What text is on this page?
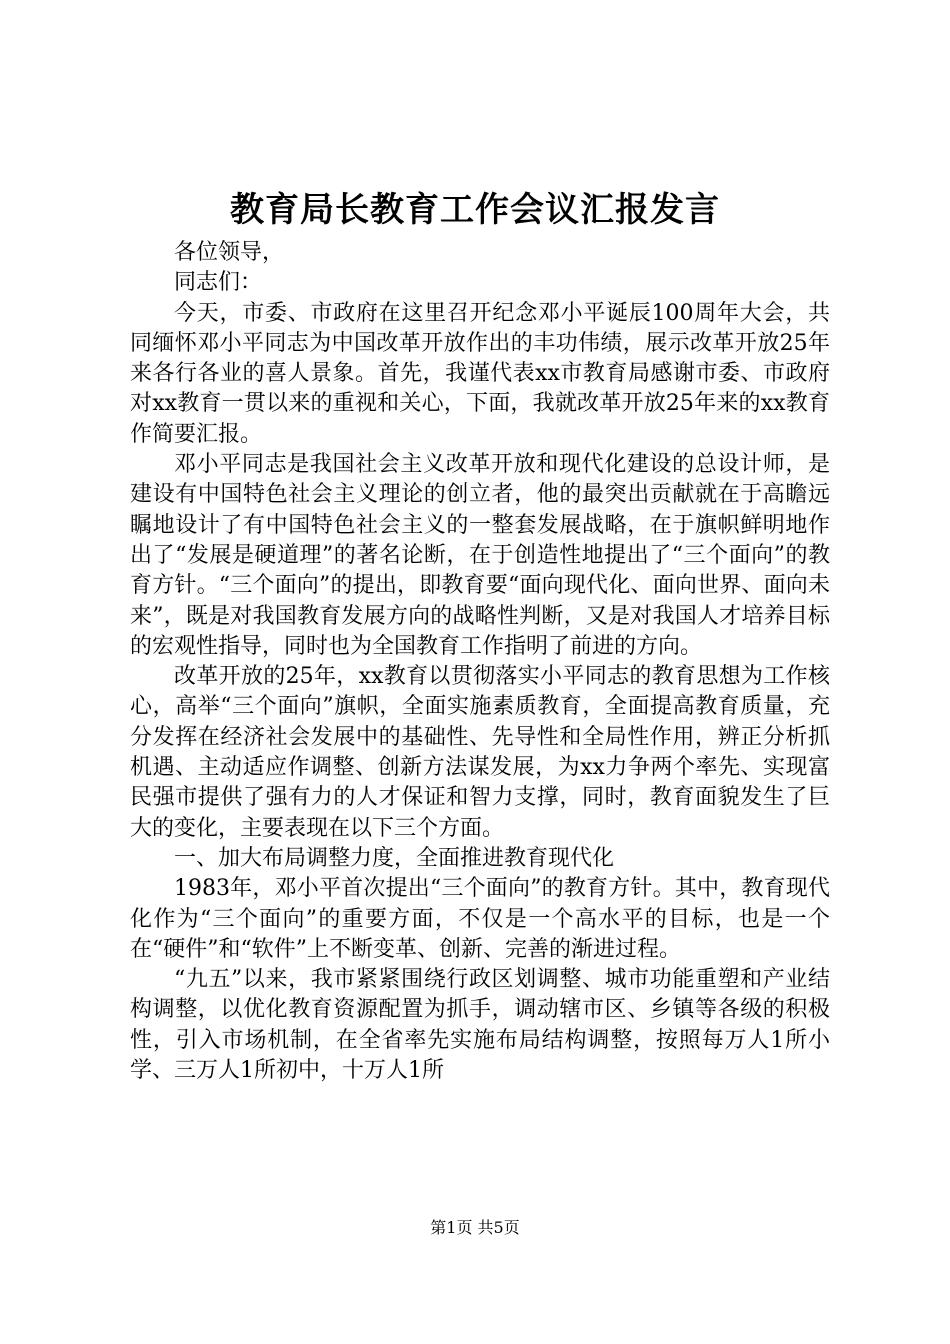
教育局长教育工作会议汇报发言

各位领导，

同志们：

今天，市委、市政府在这里召开纪念邓小平诞辰100周年大会，共同缅怀邓小平同志为中国改革开放作出的丰功伟绩，展示改革开放25年来各行各业的喜人景象。首先，我谨代表xx市教育局感谢市委、市政府对xx教育一贯以来的重视和关心，下面，我就改革开放25年来的xx教育作简要汇报。

邓小平同志是我国社会主义改革开放和现代化建设的总设计师，是建设有中国特色社会主义理论的创立者，他的最突出贡献就在于高瞻远瞩地设计了有中国特色社会主义的一整套发展战略，在于旗帜鲜明地作出了“发展是硬道理”的著名论断，在于创造性地提出了“三个面向”的教育方针。“三个面向”的提出，即教育要“面向现代化、面向世界、面向未来”，既是对我国教育发展方向的战略性判断，又是对我国人才培养目标的宏观性指导，同时也为全国教育工作指明了前进的方向。

改革开放的25年，xx教育以贯彻落实小平同志的教育思想为工作核心，高举“三个面向”旗帜，全面实施素质教育，全面提高教育质量，充分发挥在经济社会发展中的基础性、先导性和全局性作用，辨正分析抓机遇、主动适应作调整、创新方法谋发展，为xx力争两个率先、实现富民强市提供了强有力的人才保证和智力支撑，同时，教育面貌发生了巨大的变化，主要表现在以下三个方面。

一、加大布局调整力度，全面推进教育现代化

1983年，邓小平首次提出“三个面向”的教育方针。其中，教育现代化作为“三个面向”的重要方面，不仅是一个高水平的目标，也是一个在“硬件”和“软件”上不断变革、创新、完善的渐进过程。

“九五”以来，我市紧紧围绕行政区划调整、城市功能重塑和产业结构调整，以优化教育资源配置为抓手，调动辖市区、乡镇等各级的积极性，引入市场机制，在全省率先实施布局结构调整，按照每万人1所小学、三万人1所初中，十万人1所

第1页 共5页
